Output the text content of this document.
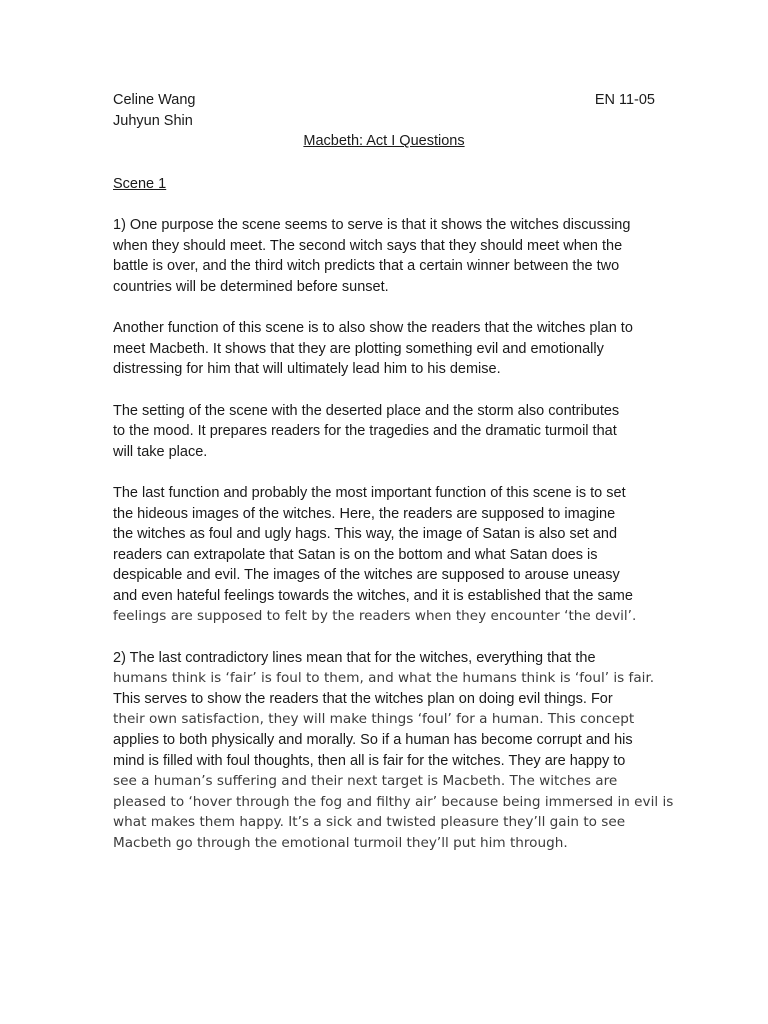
Celine Wang	EN 11-05
Juhyun Shin
Macbeth: Act I Questions

Scene 1

1) One purpose the scene seems to serve is that it shows the witches discussing
when they should meet. The second witch says that they should meet when the
battle is over, and the third witch predicts that a certain winner between the two
countries will be determined before sunset.

Another function of this scene is to also show the readers that the witches plan to
meet Macbeth. It shows that they are plotting something evil and emotionally
distressing for him that will ultimately lead him to his demise.

The setting of the scene with the deserted place and the storm also contributes
to the mood. It prepares readers for the tragedies and the dramatic turmoil that
will take place.

The last function and probably the most important function of this scene is to set
the hideous images of the witches. Here, the readers are supposed to imagine
the witches as foul and ugly hags. This way, the image of Satan is also set and
readers can extrapolate that Satan is on the bottom and what Satan does is
despicable and evil. The images of the witches are supposed to arouse uneasy
and even hateful feelings towards the witches, and it is established that the same
feelings are supposed to felt by the readers when they encounter ‘the devil’.

2) The last contradictory lines mean that for the witches, everything that the
humans think is ‘fair’ is foul to them, and what the humans think is ‘foul’ is fair.
This serves to show the readers that the witches plan on doing evil things. For
their own satisfaction, they will make things ‘foul’ for a human. This concept
applies to both physically and morally. So if a human has become corrupt and his
mind is filled with foul thoughts, then all is fair for the witches. They are happy to
see a human’s suffering and their next target is Macbeth. The witches are
pleased to ‘hover through the fog and filthy air’ because being immersed in evil is
what makes them happy. It’s a sick and twisted pleasure they’ll gain to see
Macbeth go through the emotional turmoil they’ll put him through.
